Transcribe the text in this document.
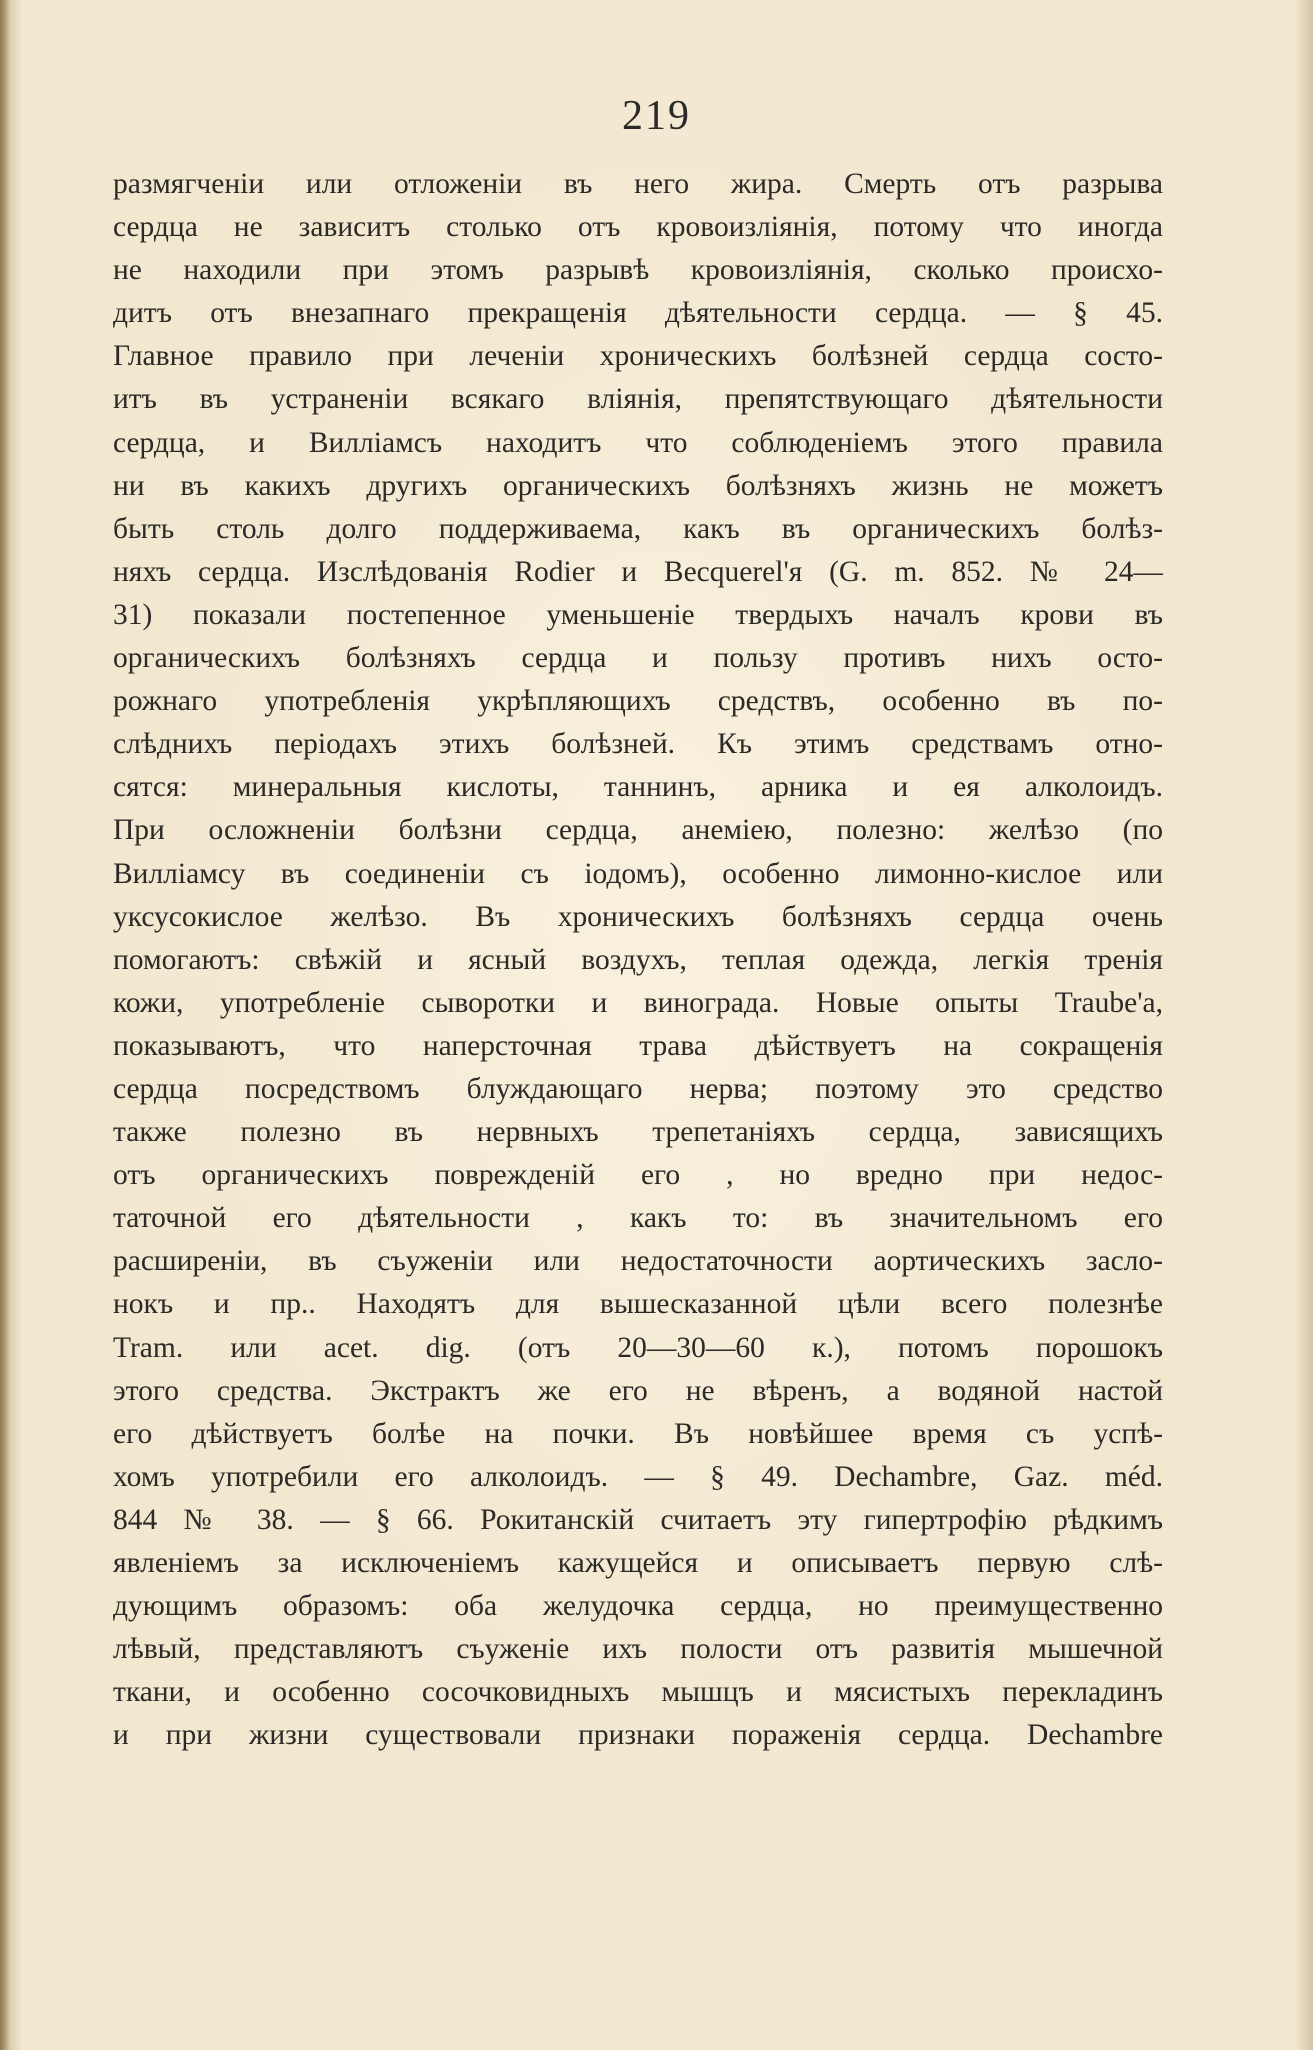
219
размягченіи или отложеніи въ него жира. Смерть отъ разрыва
сердца не зависитъ столько отъ кровоизліянія, потому что иногда
не находили при этомъ разрывѣ кровоизліянія, сколько происхо-
дитъ отъ внезапнаго прекращенія дѣятельности сердца. — § 45.
Главное правило при леченіи хроническихъ болѣзней сердца состо-
итъ въ устраненіи всякаго вліянія, препятствующаго дѣятельности
сердца, и Вилліамсъ находитъ что соблюденіемъ этого правила
ни въ какихъ другихъ органическихъ болѣзняхъ жизнь не можетъ
быть столь долго поддерживаема, какъ въ органическихъ болѣз-
няхъ сердца. Изслѣдованія Rodier и Becquerel'я (G. m. 852. № 24—
31) показали постепенное уменьшеніе твердыхъ началъ крови въ
органическихъ болѣзняхъ сердца и пользу противъ нихъ осто-
рожнаго употребленія укрѣпляющихъ средствъ, особенно въ по-
слѣднихъ періодахъ этихъ болѣзней. Къ этимъ средствамъ отно-
сятся: минеральныя кислоты, таннинъ, арника и ея алколоидъ.
При осложненіи болѣзни сердца, анеміею, полезно: желѣзо (по
Вилліамсу въ соединеніи съ іодомъ), особенно лимонно-кислое или
уксусокислое желѣзо. Въ хроническихъ болѣзняхъ сердца очень
помогаютъ: свѣжій и ясный воздухъ, теплая одежда, легкія тренія
кожи, употребленіе сыворотки и винограда. Новые опыты Traube'а,
показываютъ, что наперсточная трава дѣйствуетъ на сокращенія
сердца посредствомъ блуждающаго нерва; поэтому это средство
также полезно въ нервныхъ трепетаніяхъ сердца, зависящихъ
отъ органическихъ поврежденій его , но вредно при недос-
таточной его дѣятельности , какъ то: въ значительномъ его
расширеніи, въ съуженіи или недостаточности аортическихъ засло-
нокъ и пр.. Находятъ для вышесказанной цѣли всего полезнѣе
Tram. или acet. dig. (отъ 20—30—60 к.), потомъ порошокъ
этого средства. Экстрактъ же его не вѣренъ, а водяной настой
его дѣйствуетъ болѣе на почки. Въ новѣйшее время съ успѣ-
хомъ употребили его алколоидъ. — § 49. Dechambre, Gaz. méd.
844 № 38. — § 66. Рокитанскій считаетъ эту гипертрофію рѣдкимъ
явленіемъ за исключеніемъ кажущейся и описываетъ первую слѣ-
дующимъ образомъ: оба желудочка сердца, но преимущественно
лѣвый, представляютъ съуженіе ихъ полости отъ развитія мышечной
ткани, и особенно сосочковидныхъ мышцъ и мясистыхъ перекладинъ
и при жизни существовали признаки пораженія сердца. Dechambre
